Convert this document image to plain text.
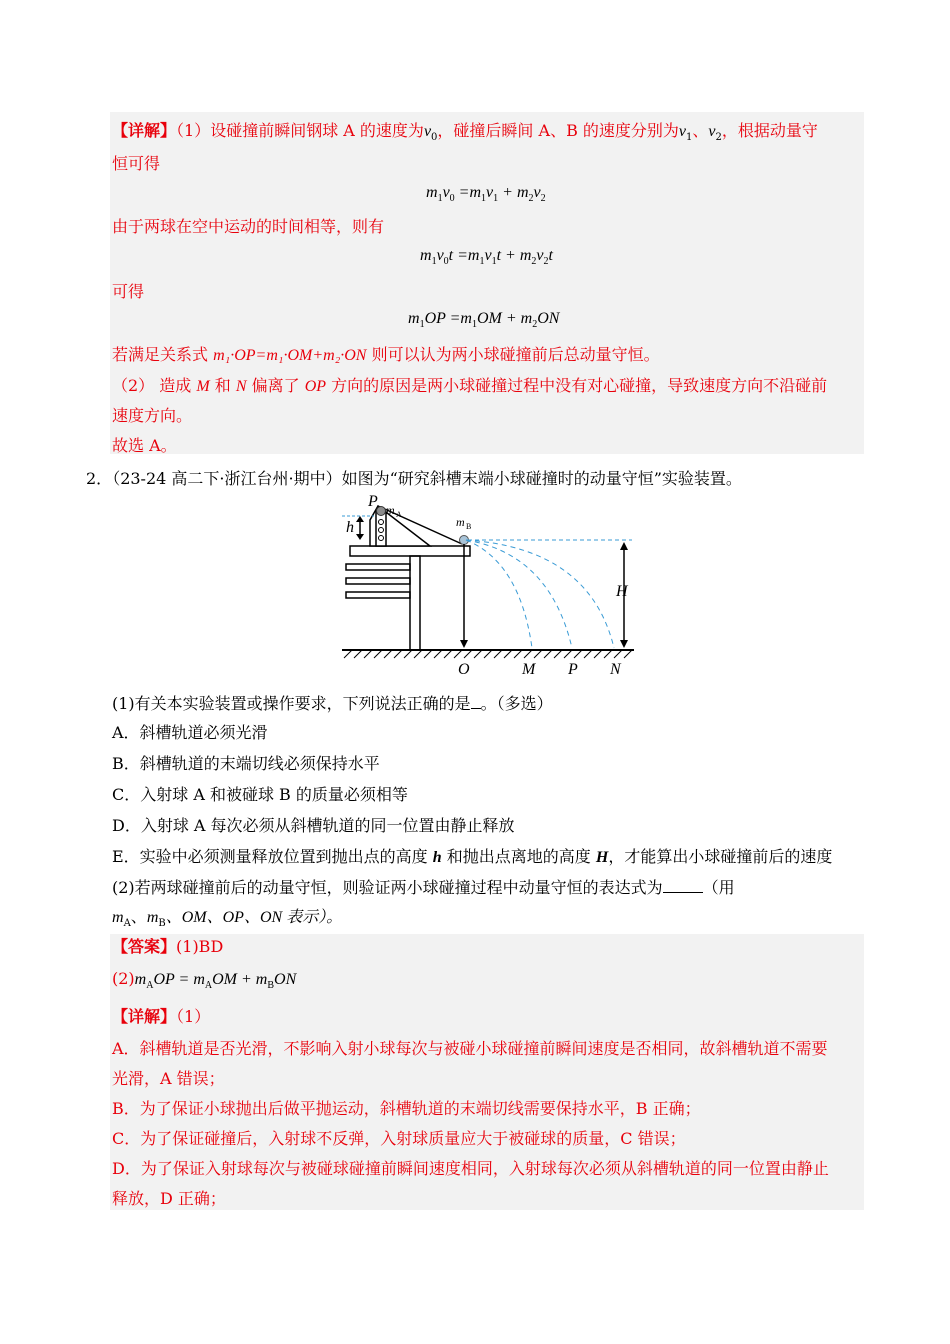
【详解】（1）设碰撞前瞬间钢球 A 的速度为$v_0$，碰撞后瞬间 A、B 的速度分别为$v_1$、$v_2$，根据动量守
恒可得
$m_1v_0 =m_1v_1 + m_2v_2$
由于两球在空中运动的时间相等，则有
$m_1v_0t =m_1v_1t + m_2v_2t$
可得
$m_1OP =m_1OM + m_2ON$
若满足关系式 m₁·OP=m₁·OM+m₂·ON 则可以认为两小球碰撞前后总动量守恒。
（2） 造成 M 和 N 偏离了 OP 方向的原因是两小球碰撞过程中没有对心碰撞，导致速度方向不沿碰前
速度方向。
故选 A。
2．（23-24 高二下·浙江台州·期中）如图为“研究斜槽末端小球碰撞时的动量守恒”实验装置。
P m A
h	m B
H
O	M P N
(1)有关本实验装置或操作要求，下列说法正确的是 。（多选）
A．斜槽轨道必须光滑
B．斜槽轨道的末端切线必须保持水平
C．入射球 A 和被碰球 B 的质量必须相等
D．入射球 A 每次必须从斜槽轨道的同一位置由静止释放
E．实验中必须测量释放位置到抛出点的高度 h 和抛出点离地的高度 H，才能算出小球碰撞前后的速度
(2)若两球碰撞前后的动量守恒，则验证两小球碰撞过程中动量守恒的表达式为	（用
$m_A$、$m_B$、OM、OP、ON 表示）。
【答案】(1)BD
$(2)m_AOP = m_AOM + m_BON$
【详解】（1）
A．斜槽轨道是否光滑，不影响入射小球每次与被碰小球碰撞前瞬间速度是否相同，故斜槽轨道不需要
光滑，A 错误；
B．为了保证小球抛出后做平抛运动，斜槽轨道的末端切线需要保持水平，B 正确；
C．为了保证碰撞后，入射球不反弹，入射球质量应大于被碰球的质量，C 错误；
D．为了保证入射球每次与被碰球碰撞前瞬间速度相同，入射球每次必须从斜槽轨道的同一位置由静止
释放，D 正确；
